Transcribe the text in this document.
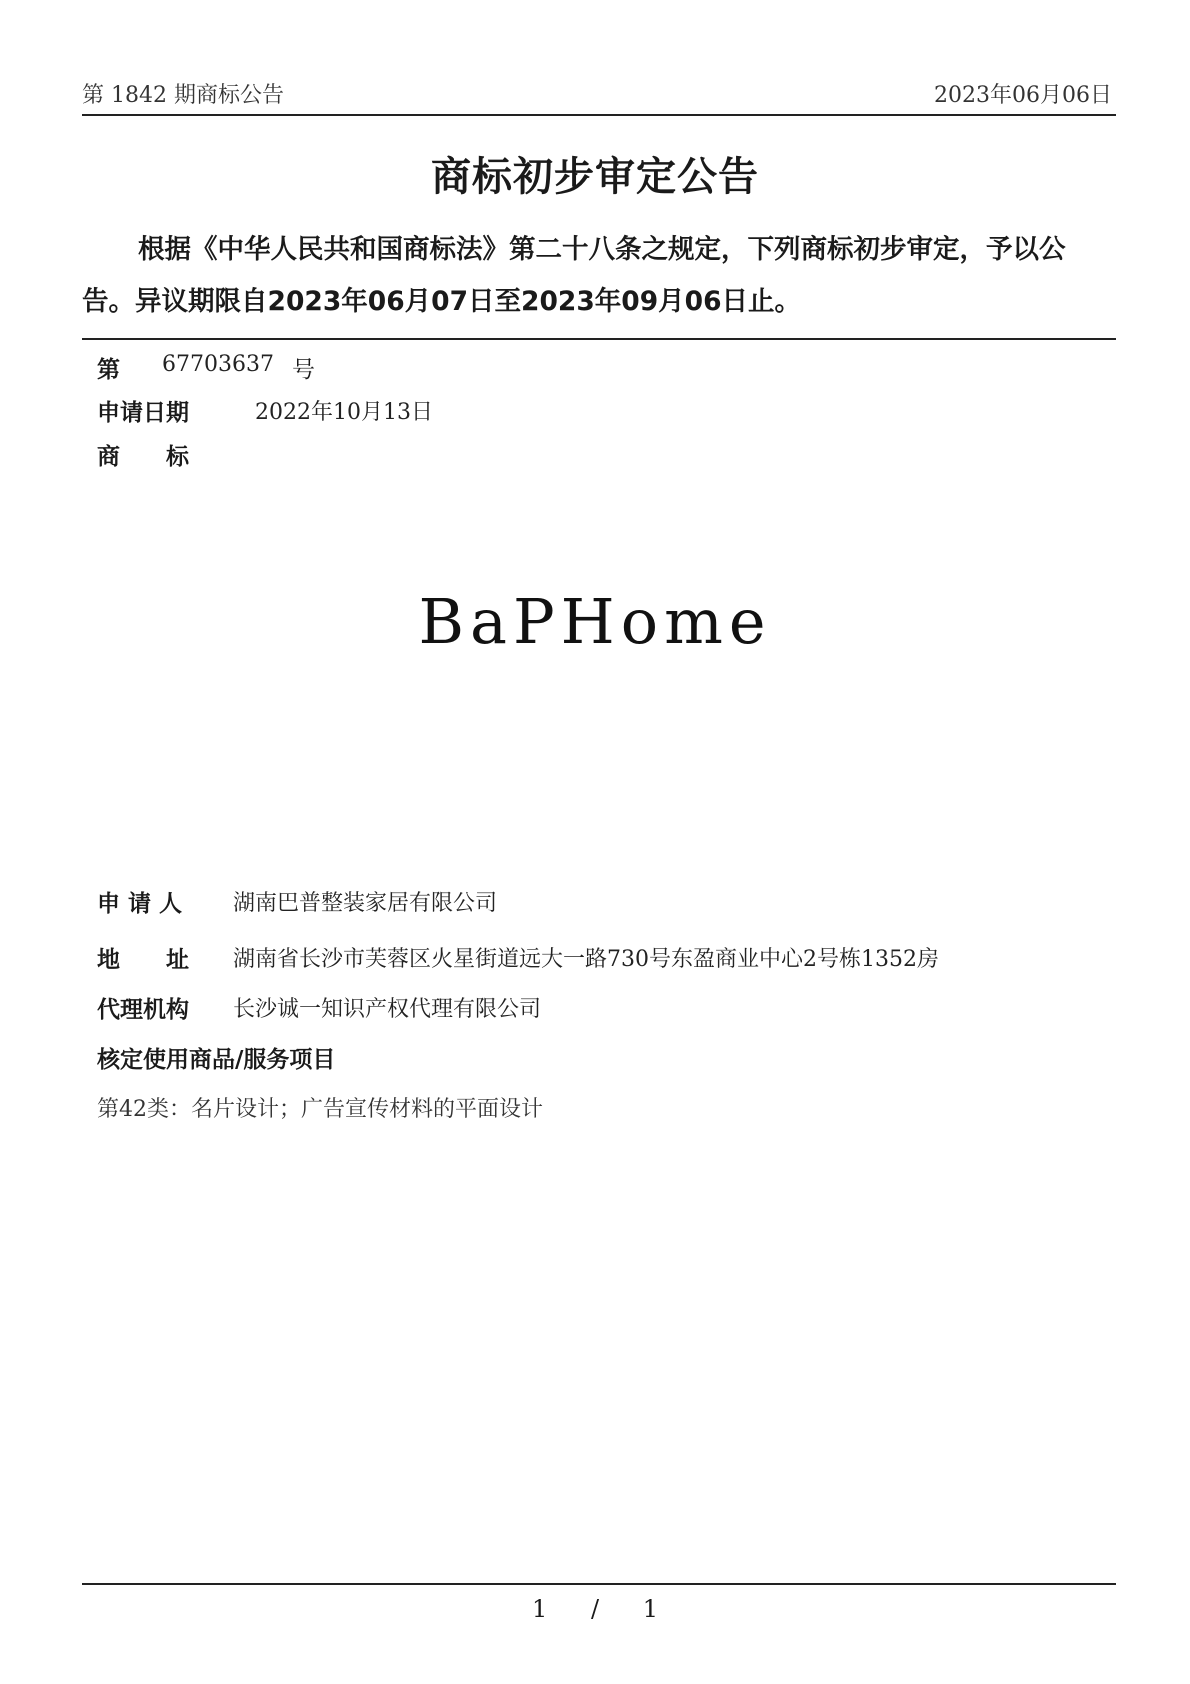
第 1842 期商标公告	2023年06月06日
商标初步审定公告
根据《中华人民共和国商标法》第二十八条之规定，下列商标初步审定，予以公告。异议期限自2023年06月07日至2023年09月06日止。
第 67703637 号
申请日期	2022年10月13日
商　　标
BaPHome
申 请 人 湖南巴普整装家居有限公司
地　　址 湖南省长沙市芙蓉区火星街道远大一路730号东盈商业中心2号栋1352房
代理机构 长沙诚一知识产权代理有限公司
核定使用商品/服务项目
第42类：名片设计；广告宣传材料的平面设计
1 / 1
